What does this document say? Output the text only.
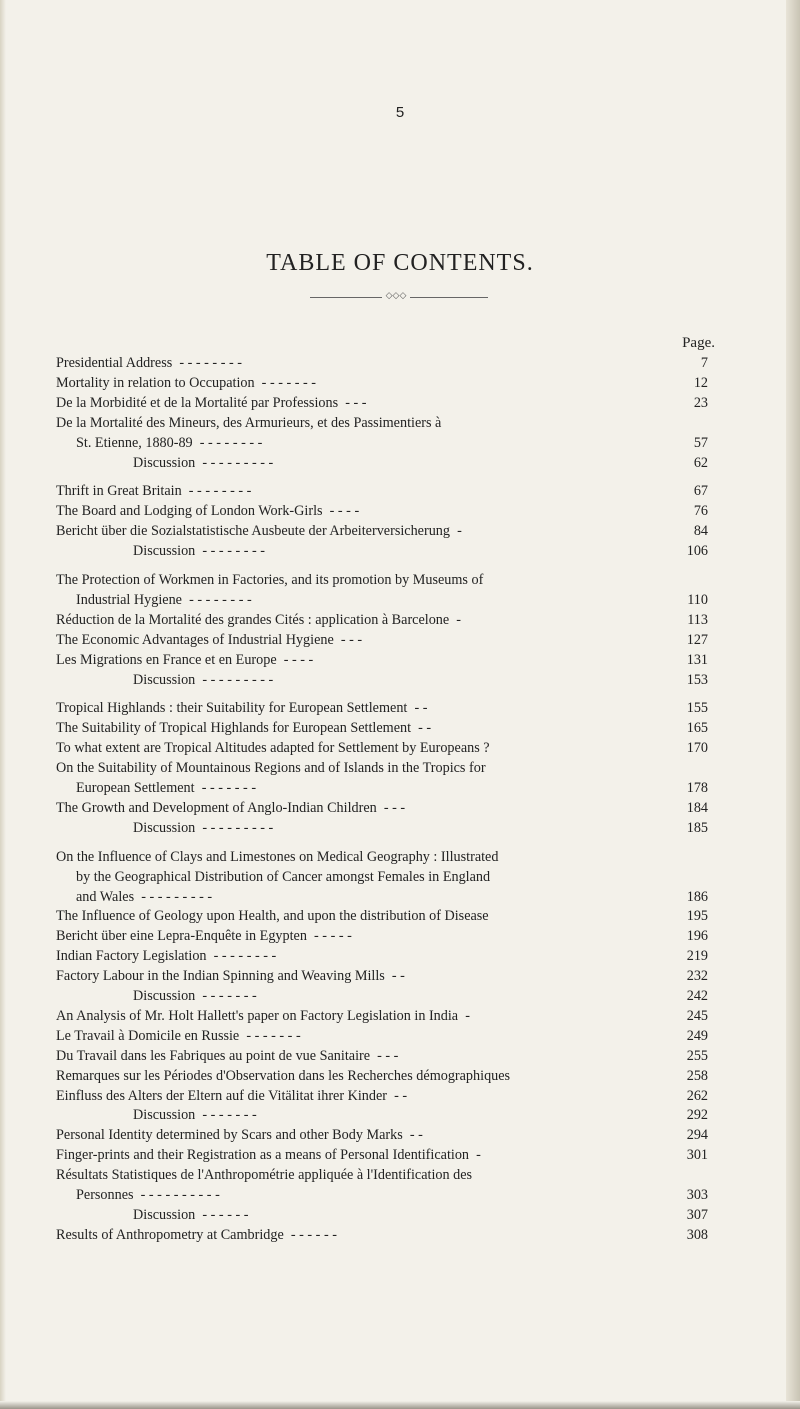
5
TABLE OF CONTENTS.
◇◇◇
Page.
Presidential Address  - - - - - - - -	7
Mortality in relation to Occupation  - - - - - - -	12
De la Morbidité et de la Mortalité par Professions  - - -	23
De la Mortalité des Mineurs, des Armurieurs, et des Passimentiers à
St. Etienne, 1880-89  - - - - - - - -	57
Discussion  - - - - - - - - -	62
Thrift in Great Britain  - - - - - - - -	67
The Board and Lodging of London Work-Girls  - - - -	76
Bericht über die Sozialstatistische Ausbeute der Arbeiterversicherung  -	84
Discussion  - - - - - - - -	106
The Protection of Workmen in Factories, and its promotion by Museums of
Industrial Hygiene  - - - - - - - -	110
Réduction de la Mortalité des grandes Cités : application à Barcelone  -	113
The Economic Advantages of Industrial Hygiene  - - -	127
Les Migrations en France et en Europe  - - - -	131
Discussion  - - - - - - - - -	153
Tropical Highlands : their Suitability for European Settlement  - -	155
The Suitability of Tropical Highlands for European Settlement  - -	165
To what extent are Tropical Altitudes adapted for Settlement by Europeans ?	170
On the Suitability of Mountainous Regions and of Islands in the Tropics for
European Settlement  - - - - - - -	178
The Growth and Development of Anglo-Indian Children  - - -	184
Discussion  - - - - - - - - -	185
On the Influence of Clays and Limestones on Medical Geography : Illustrated
by the Geographical Distribution of Cancer amongst Females in England
and Wales  - - - - - - - - -	186
The Influence of Geology upon Health, and upon the distribution of Disease	195
Bericht über eine Lepra-Enquête in Egypten  - - - - -	196
Indian Factory Legislation  - - - - - - - -	219
Factory Labour in the Indian Spinning and Weaving Mills  - -	232
Discussion  - - - - - - -	242
An Analysis of Mr. Holt Hallett's paper on Factory Legislation in India  -	245
Le Travail à Domicile en Russie  - - - - - - -	249
Du Travail dans les Fabriques au point de vue Sanitaire  - - -	255
Remarques sur les Périodes d'Observation dans les Recherches démographiques	258
Einfluss des Alters der Eltern auf die Vitälitat ihrer Kinder  - -	262
Discussion  - - - - - - -	292
Personal Identity determined by Scars and other Body Marks  - -	294
Finger-prints and their Registration as a means of Personal Identification  -	301
Résultats Statistiques de l'Anthropométrie appliquée à l'Identification des
Personnes  - - - - - - - - - -	303
Discussion  - - - - - -	307
Results of Anthropometry at Cambridge  - - - - - -	308
